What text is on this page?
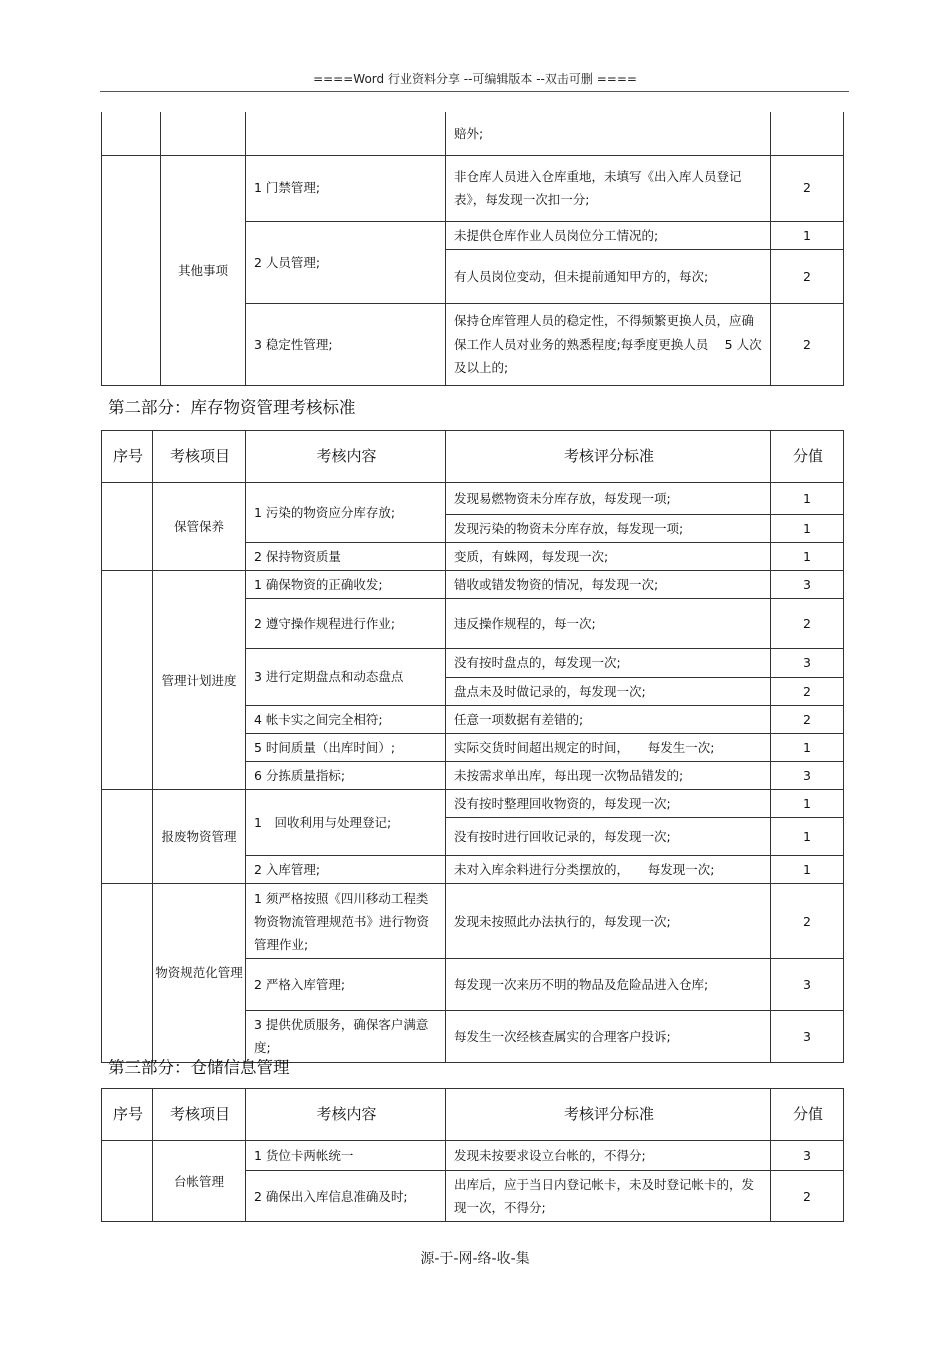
====Word 行业资料分享 --可编辑版本 --双击可删 ====
			赔外;	
	其他事项	1 门禁管理;	非仓库人员进入仓库重地，未填写《出入库人员登记表》，每发现一次扣一分;	2
		2 人员管理;	未提供仓库作业人员岗位分工情况的;	1
			有人员岗位变动，但未提前通知甲方的，每次;	2
		3 稳定性管理;	保持仓库管理人员的稳定性，不得频繁更换人员，应确保工作人员对业务的熟悉程度;每季度更换人员　 5 人次及以上的;	2
第二部分：库存物资管理考核标准
序号	考核项目	考核内容	考核评分标准	分值
	保管保养	1 污染的物资应分库存放;	发现易燃物资未分库存放，每发现一项;	1
			发现污染的物资未分库存放，每发现一项;	1
		2 保持物资质量	变质，有蛛网，每发现一次;	1
	管理计划进度	1 确保物资的正确收发;	错收或错发物资的情况，每发现一次;	3
		2 遵守操作规程进行作业;	违反操作规程的，每一次;	2
		3 进行定期盘点和动态盘点	没有按时盘点的，每发现一次;	3
			盘点未及时做记录的，每发现一次;	2
		4 帐卡实之间完全相符;	任意一项数据有差错的;	2
		5 时间质量（出库时间）;	实际交货时间超出规定的时间，　　每发生一次;	1
		6 分拣质量指标;	未按需求单出库，每出现一次物品错发的;	3
	报废物资管理	1　回收利用与处理登记;	没有按时整理回收物资的，每发现一次;	1
			没有按时进行回收记录的，每发现一次;	1
		2 入库管理;	未对入库余料进行分类摆放的，　　每发现一次;	1
	物资规范化管理	1 须严格按照《四川移动工程类物资物流管理规范书》进行物资管理作业;	发现未按照此办法执行的，每发现一次;	2
		2 严格入库管理;	每发现一次来历不明的物品及危险品进入仓库;	3
		3 提供优质服务，确保客户满意度;	每发生一次经核查属实的合理客户投诉;	3
第三部分：仓储信息管理
序号	考核项目	考核内容	考核评分标准	分值
	台帐管理	1 货位卡两帐统一	发现未按要求设立台帐的，不得分;	3
		2 确保出入库信息准确及时;	出库后，应于当日内登记帐卡，未及时登记帐卡的，发现一次，不得分;	2
源-于-网-络-收-集
